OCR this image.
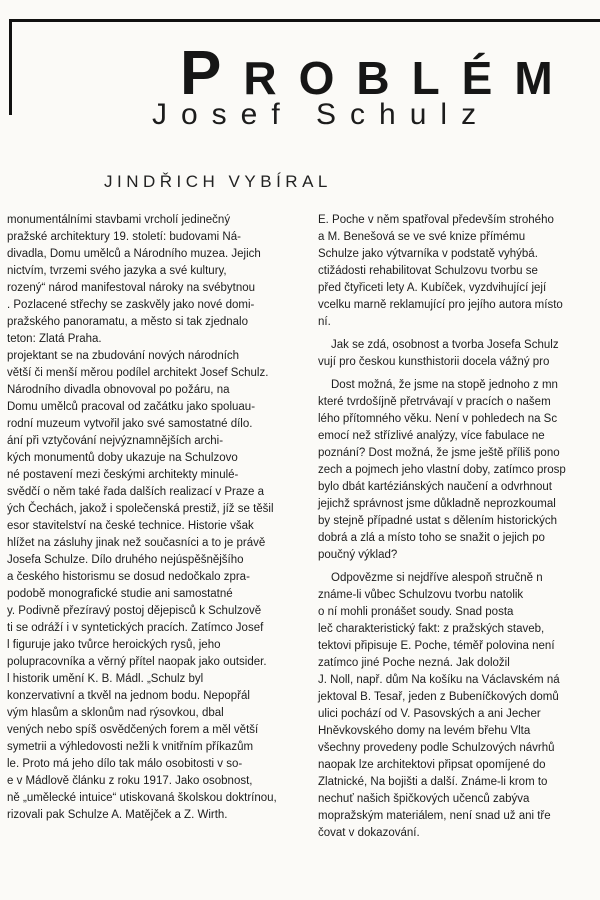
PROBLÉM
Josef Schulz
JINDŘICH VYBÍRAL
monumentálními stavbami vrcholí jedinečný
pražské architektury 19. století: budovami Ná-
divadla, Domu umělců a Národního muzea. Jejich
nictvím, tvrzemi svého jazyka a své kultury,
rozený“ národ manifestoval nároky na svébytnou
. Pozlacené střechy se zaskvěly jako nové domi-
pražského panoramatu, a město si tak zjednalo
teton: Zlatá Praha.
projektant se na zbudování nových národních
větší či menší měrou podílel architekt Josef Schulz.
Národního divadla obnovoval po požáru, na
Domu umělců pracoval od začátku jako spoluau-
rodní muzeum vytvořil jako své samostatné dílo.
ání při vztyčování nejvýznamnějších archi-
kých monumentů doby ukazuje na Schulzovo
né postavení mezi českými architekty minulé-
svědčí o něm také řada dalších realizací v Praze a
ých Čechách, jakož i společenská prestiž, jíž se těšil
esor stavitelství na české technice. Historie však
hlížet na zásluhy jinak než současníci a to je právě
Josefa Schulze. Dílo druhého nejúspěšnějšího
a českého historismu se dosud nedočkalo zpra-
podobě monografické studie ani samostatné
y. Podivně přezíravý postoj dějepisců k Schulzově
ti se odráží i v syntetických pracích. Zatímco Josef
l figuruje jako tvůrce heroických rysů, jeho
polupracovníka a věrný přítel naopak jako outsider.
l historik umění K. B. Mádl. „Schulz byl
konzervativní a tkvěl na jednom bodu. Nepopřál
vým hlasům a sklonům nad rýsovkou, dbal
vených nebo spíš osvědčených forem a měl větší
symetrii a výhledovosti nežli k vnitřním příkazům
le. Proto má jeho dílo tak málo osobitosti v so-
e v Mádlově článku z roku 1917. Jako osobnost,
ně „umělecké intuice“ utiskovaná školskou doktrínou,
rizovali pak Schulze A. Matějček a Z. Wirth.
E. Poche v něm spatřoval především strohého
a M. Benešová se ve své knize přímému
Schulze jako výtvarníka v podstatě vyhýbá.
ctižádosti rehabilitovat Schulzovu tvorbu se
před čtyřiceti lety A. Kubíček, vyzdvihující její
vcelku marně reklamující pro jejího autora místo
ní.
Jak se zdá, osobnost a tvorba Josefa Schulz
vují pro českou kunsthistorii docela vážný pro
Dost možná, že jsme na stopě jednoho z mn
které tvrdošíjně přetrvávají v pracích o našem
lého přítomného věku. Není v pohledech na Sc
emocí než střízlivé analýzy, více fabulace ne
poznání? Dost možná, že jsme ještě příliš pono
zech a pojmech jeho vlastní doby, zatímco prosp
bylo dbát kartéziánských naučení a odvrhnout
jejichž správnost jsme důkladně neprozkoumal
by stejně případné ustat s dělením historických
dobrá a zlá a místo toho se snažit o jejich po
poučný výklad?
Odpovězme si nejdříve alespoň stručně n
známe-li vůbec Schulzovu tvorbu natolik
o ní mohli pronášet soudy. Snad posta
leč charakteristický fakt: z pražských staveb,
tektovi připisuje E. Poche, téměř polovina není
zatímco jiné Poche nezná. Jak doložil
J. Noll, např. dům Na košíku na Václavském ná
jektoval B. Tesař, jeden z Bubeníčkových domů
ulici pochází od V. Pasovských a ani Jecher
Hněvkovského domy na levém břehu Vlta
všechny provedeny podle Schulzových návrhů
naopak lze architektovi připsat opomíjené do
Zlatnické, Na bojišti a další. Známe-li krom to
nechuť našich špičkových učenců zabýva
mopražským materiálem, není snad už ani tře
čovat v dokazování.
